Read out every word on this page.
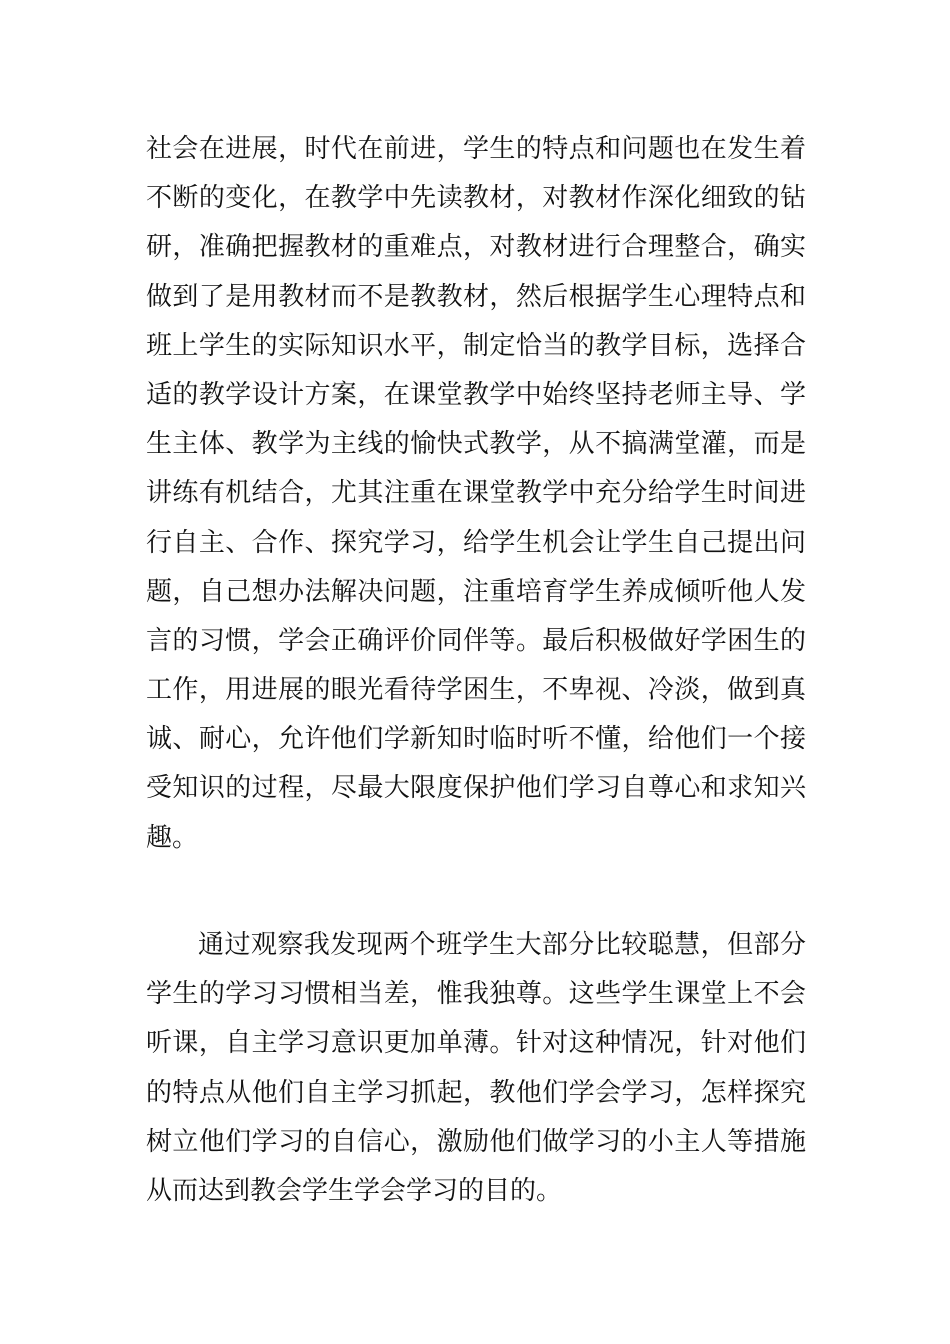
社会在进展，时代在前进，学生的特点和问题也在发生着
不断的变化，在教学中先读教材，对教材作深化细致的钻
研，准确把握教材的重难点，对教材进行合理整合，确实
做到了是用教材而不是教教材，然后根据学生心理特点和
班上学生的实际知识水平，制定恰当的教学目标，选择合
适的教学设计方案，在课堂教学中始终坚持老师主导、学
生主体、教学为主线的愉快式教学，从不搞满堂灌，而是
讲练有机结合，尤其注重在课堂教学中充分给学生时间进
行自主、合作、探究学习，给学生机会让学生自己提出问
题，自己想办法解决问题，注重培育学生养成倾听他人发
言的习惯，学会正确评价同伴等。最后积极做好学困生的
工作，用进展的眼光看待学困生，不卑视、冷淡，做到真
诚、耐心，允许他们学新知时临时听不懂，给他们一个接
受知识的过程，尽最大限度保护他们学习自尊心和求知兴
趣。
通过观察我发现两个班学生大部分比较聪慧，但部分
学生的学习习惯相当差，惟我独尊。这些学生课堂上不会
听课，自主学习意识更加单薄。针对这种情况，针对他们
的特点从他们自主学习抓起，教他们学会学习，怎样探究
树立他们学习的自信心，激励他们做学习的小主人等措施
从而达到教会学生学会学习的目的。
